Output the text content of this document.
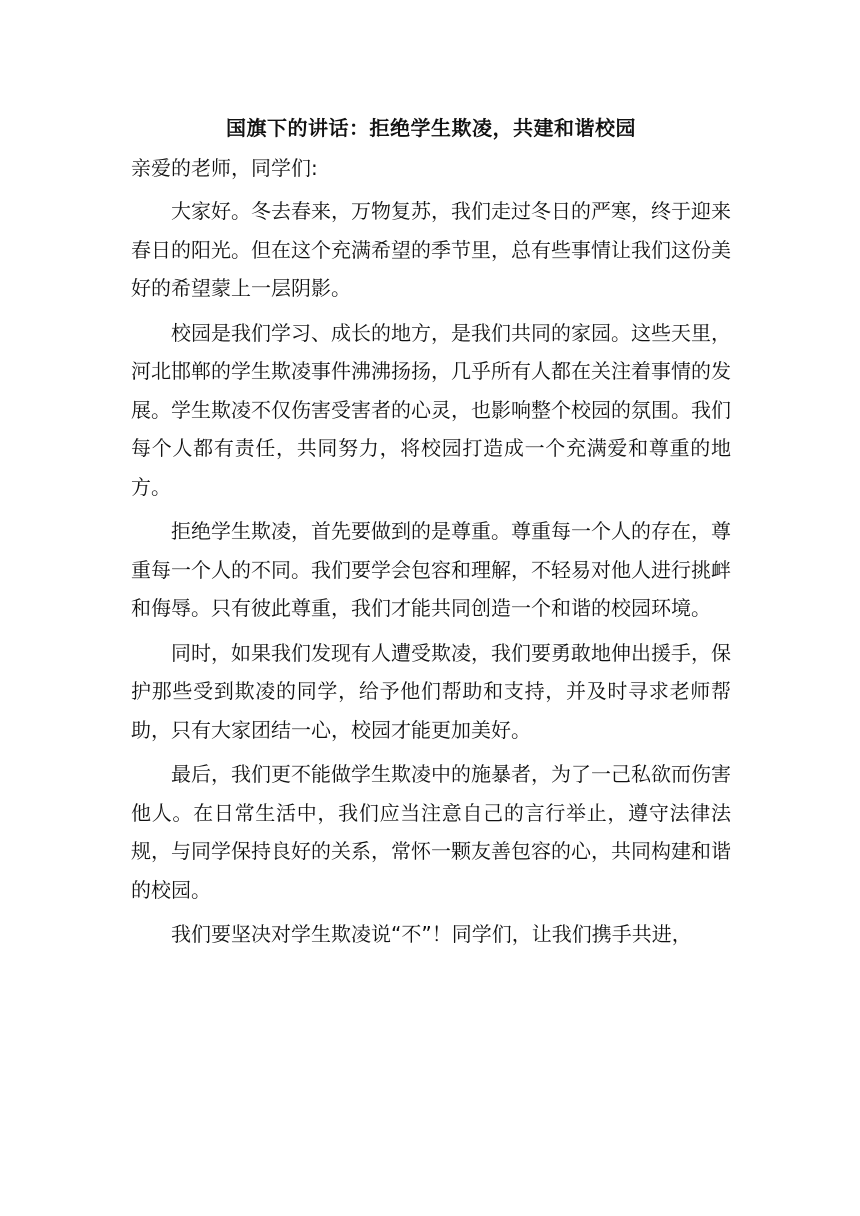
国旗下的讲话：拒绝学生欺凌，共建和谐校园

亲爱的老师，同学们:

大家好。冬去春来，万物复苏，我们走过冬日的严寒，终于迎来春日的阳光。但在这个充满希望的季节里，总有些事情让我们这份美好的希望蒙上一层阴影。

校园是我们学习、成长的地方，是我们共同的家园。这些天里，河北邯郸的学生欺凌事件沸沸扬扬，几乎所有人都在关注着事情的发展。学生欺凌不仅伤害受害者的心灵，也影响整个校园的氛围。我们每个人都有责任，共同努力，将校园打造成一个充满爱和尊重的地方。

拒绝学生欺凌，首先要做到的是尊重。尊重每一个人的存在，尊重每一个人的不同。我们要学会包容和理解，不轻易对他人进行挑衅和侮辱。只有彼此尊重，我们才能共同创造一个和谐的校园环境。

同时，如果我们发现有人遭受欺凌，我们要勇敢地伸出援手，保护那些受到欺凌的同学，给予他们帮助和支持，并及时寻求老师帮助，只有大家团结一心，校园才能更加美好。

最后，我们更不能做学生欺凌中的施暴者，为了一己私欲而伤害他人。在日常生活中，我们应当注意自己的言行举止，遵守法律法规，与同学保持良好的关系，常怀一颗友善包容的心，共同构建和谐的校园。

我们要坚决对学生欺凌说“不”！同学们，让我们携手共进，
